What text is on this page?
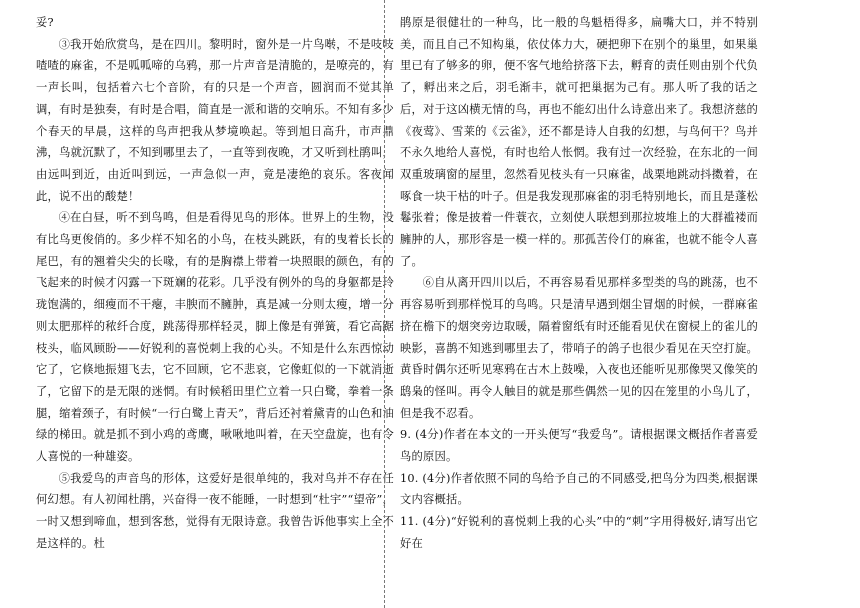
妥?

③我开始欣赏鸟，是在四川。黎明时，窗外是一片鸟啭，不是吱吱喳喳的麻雀，不是呱呱啼的乌鸦，那一片声音是清脆的，是嘹亮的，有一声长叫，包括着六七个音阶，有的只是一个声音，圆润而不觉其单调，有时是独奏，有时是合唱，简直是一派和谐的交响乐。不知有多少个春天的早晨，这样的鸟声把我从梦境唤起。等到旭日高升，市声鼎沸，鸟就沉默了，不知到哪里去了，一直等到夜晚，才又听到杜鹃叫，由远叫到近，由近叫到远，一声急似一声，竟是凄绝的哀乐。客夜闻此，说不出的酸楚！

④在白昼，听不到鸟鸣，但是看得见鸟的形体。世界上的生物，没有比鸟更俊俏的。多少样不知名的小鸟，在枝头跳跃，有的曳着长长的尾巴，有的翘着尖尖的长喙，有的是胸襟上带着一块照眼的颜色，有的飞起来的时候才闪露一下斑斓的花彩。几乎没有例外的鸟的身躯都是玲珑饱满的，细瘦而不干瘪，丰腴而不臃肿，真是减一分则太瘦，增一分则太肥那样的秾纤合度，跳荡得那样轻灵，脚上像是有弹簧，看它高踞枝头，临风顾盼——好锐利的喜悦刺上我的心头。不知是什么东西惊动它了，它倏地振翅飞去，它不回顾，它不悲哀，它像虹似的一下就消逝了，它留下的是无限的迷惘。有时候稻田里伫立着一只白鹭，拳着一条腿，缩着颈子，有时候“一行白鹭上青天”，背后还衬着黛青的山色和油绿的梯田。就是抓不到小鸡的鸢鹰，啾啾地叫着，在天空盘旋，也有令人喜悦的一种雄姿。

⑤我爱鸟的声音鸟的形体，这爱好是很单纯的，我对鸟并不存在任何幻想。有人初闻杜鹃，兴奋得一夜不能睡，一时想到“杜宇”“望帝”，一时又想到啼血，想到客愁，觉得有无限诗意。我曾告诉他事实上全不是这样的。杜

鹃原是很健壮的一种鸟，比一般的鸟魁梧得多，扁嘴大口，并不特别美，而且自己不知构巢，依仗体力大，硬把卵下在别个的巢里，如果巢里已有了够多的卵，便不客气地给挤落下去，孵育的责任则由别个代负了，孵出来之后，羽毛渐丰，就可把巢据为己有。那人听了我的话之后，对于这凶横无情的鸟，再也不能幻出什么诗意出来了。我想济慈的《夜莺》、雪莱的《云雀》，还不都是诗人自我的幻想，与鸟何干？鸟并不永久地给人喜悦，有时也给人怅惘。我有过一次经验，在东北的一间双重玻璃窗的屋里，忽然看见枝头有一只麻雀，战栗地跳动抖擞着，在啄食一块干枯的叶子。但是我发现那麻雀的羽毛特别地长，而且是蓬松鬈张着；像是披着一件蓑衣，立刻使人联想到那拉坡堆上的大群褴褛而臃肿的人，那形容是一模一样的。那孤苦伶仃的麻雀，也就不能令人喜了。

⑥自从离开四川以后，不再容易看见那样多型类的鸟的跳荡，也不再容易听到那样悦耳的鸟鸣。只是清早遇到烟尘冒烟的时候，一群麻雀挤在檐下的烟突旁边取暖，隔着窗纸有时还能看见伏在窗棂上的雀儿的映影，喜鹊不知逃到哪里去了，带哨子的鸽子也很少看见在天空打旋。黄昏时偶尔还听见寒鸦在古木上鼓噪，入夜也还能听见那像哭又像笑的鸱枭的怪叫。再令人触目的就是那些偶然一见的囚在笼里的小鸟儿了，但是我不忍看。

9. (4分)作者在本文的一开头便写“我爱鸟”。请根据课文概括作者喜爱鸟的原因。

10. (4分)作者依照不同的鸟给予自己的不同感受,把鸟分为四类,根据课文内容概括。

11. (4分)“好锐利的喜悦刺上我的心头”中的“刺”字用得极好,请写出它好在
